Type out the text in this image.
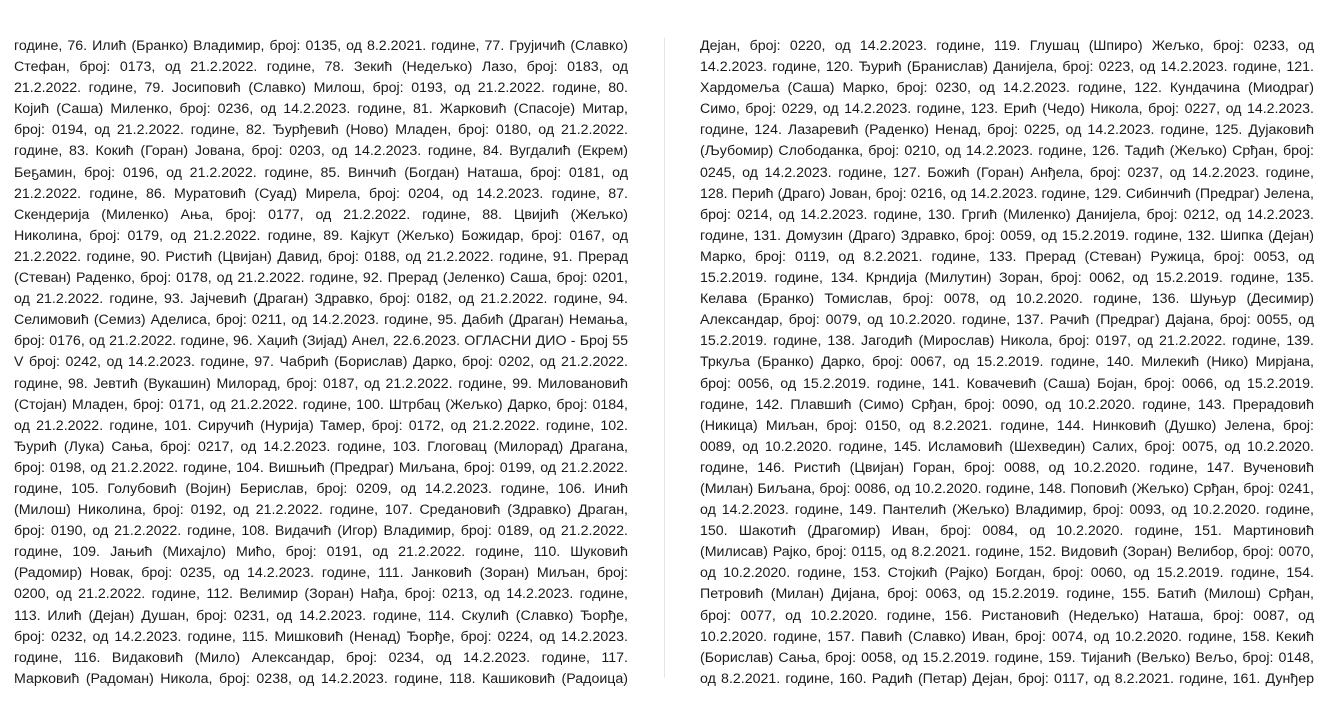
године, 76. Илић (Бранко) Владимир, број: 0135, од 8.2.2021. године, 77. Грујичић (Славко)
Стефан, број: 0173, од 21.2.2022. године, 78. Зекић (Недељко) Лазо, број: 0183, од
21.2.2022. године, 79. Јосиповић (Славко) Милош, број: 0193, од 21.2.2022. године, 80.
Којић (Саша) Миленко, број: 0236, од 14.2.2023. године, 81. Жарковић (Спасоје) Митар,
број: 0194, од 21.2.2022. године, 82. Ђурђевић (Ново) Младен, број: 0180, од 21.2.2022.
године, 83. Кокић (Горан) Јована, број: 0203, од 14.2.2023. године, 84. Вугдалић (Екрем)
Беҕамин, број: 0196, од 21.2.2022. године, 85. Винчић (Богдан) Наташа, број: 0181, од
21.2.2022. године, 86. Муратовић (Суад) Мирела, број: 0204, од 14.2.2023. године, 87.
Скендерија (Миленко) Ања, број: 0177, од 21.2.2022. године, 88. Цвијић (Жељко)
Николина, број: 0179, од 21.2.2022. године, 89. Кајкут (Жељко) Божидар, број: 0167, од
21.2.2022. године, 90. Ристић (Цвијан) Давид, број: 0188, од 21.2.2022. године, 91. Прерад
(Стеван) Раденко, број: 0178, од 21.2.2022. године, 92. Прерад (Јеленко) Саша, број: 0201,
од 21.2.2022. године, 93. Јајчевић (Драган) Здравко, број: 0182, од 21.2.2022. године, 94.
Селимовић (Семиз) Аделиса, број: 0211, од 14.2.2023. године, 95. Дабић (Драган) Немања,
број: 0176, од 21.2.2022. године, 96. Хаџић (Зијад) Анел, 22.6.2023. ОГЛАСНИ ДИО - Број 55
V број: 0242, од 14.2.2023. године, 97. Чабрић (Борислав) Дарко, број: 0202, од 21.2.2022.
године, 98. Јевтић (Вукашин) Милорад, број: 0187, од 21.2.2022. године, 99. Миловановић
(Стојан) Младен, број: 0171, од 21.2.2022. године, 100. Штрбац (Жељко) Дарко, број: 0184,
од 21.2.2022. године, 101. Сиручић (Нурија) Тамер, број: 0172, од 21.2.2022. године, 102.
Ђурић (Лука) Сања, број: 0217, од 14.2.2023. године, 103. Глоговац (Милорад) Драгана,
број: 0198, од 21.2.2022. године, 104. Вишњић (Предраг) Миљана, број: 0199, од 21.2.2022.
године, 105. Голубовић (Војин) Берислав, број: 0209, од 14.2.2023. године, 106. Инић
(Милош) Николина, број: 0192, од 21.2.2022. године, 107. Средановић (Здравко) Драган,
број: 0190, од 21.2.2022. године, 108. Видачић (Игор) Владимир, број: 0189, од 21.2.2022.
године, 109. Јањић (Михајло) Мићо, број: 0191, од 21.2.2022. године, 110. Шуковић
(Радомир) Новак, број: 0235, од 14.2.2023. године, 111. Јанковић (Зоран) Миљан, број:
0200, од 21.2.2022. године, 112. Велимир (Зоран) Нађа, број: 0213, од 14.2.2023. године,
113. Илић (Дејан) Душан, број: 0231, од 14.2.2023. године, 114. Скулић (Славко) Ђорђе,
број: 0232, од 14.2.2023. године, 115. Мишковић (Ненад) Ђорђе, број: 0224, од 14.2.2023.
године, 116. Видаковић (Мило) Александар, број: 0234, од 14.2.2023. године, 117.
Марковић (Радоман) Никола, број: 0238, од 14.2.2023. године, 118. Кашиковић (Радоица)
Дејан, број: 0220, од 14.2.2023. године, 119. Глушац (Шпиро) Жељко, број: 0233, од
14.2.2023. године, 120. Ђурић (Бранислав) Данијела, број: 0223, од 14.2.2023. године, 121.
Хардомеља (Саша) Марко, број: 0230, од 14.2.2023. године, 122. Кундачина (Миодраг)
Симо, број: 0229, од 14.2.2023. године, 123. Ерић (Чедо) Никола, број: 0227, од 14.2.2023.
године, 124. Лазаревић (Раденко) Ненад, број: 0225, од 14.2.2023. године, 125. Дујаковић
(Љубомир) Слободанка, број: 0210, од 14.2.2023. године, 126. Тадић (Жељко) Срђан, број:
0245, од 14.2.2023. године, 127. Божић (Горан) Анђела, број: 0237, од 14.2.2023. године,
128. Перић (Драго) Јован, број: 0216, од 14.2.2023. године, 129. Сибинчић (Предраг) Јелена,
број: 0214, од 14.2.2023. године, 130. Гргић (Миленко) Данијела, број: 0212, од 14.2.2023.
године, 131. Домузин (Драго) Здравко, број: 0059, од 15.2.2019. године, 132. Шипка (Дејан)
Марко, број: 0119, од 8.2.2021. године, 133. Прерад (Стеван) Ружица, број: 0053, од
15.2.2019. године, 134. Крндија (Милутин) Зоран, број: 0062, од 15.2.2019. године, 135.
Келава (Бранко) Томислав, број: 0078, од 10.2.2020. године, 136. Шуњур (Десимир)
Александар, број: 0079, од 10.2.2020. године, 137. Рачић (Предраг) Дајана, број: 0055, од
15.2.2019. године, 138. Јагодић (Мирослав) Никола, број: 0197, од 21.2.2022. године, 139.
Тркуља (Бранко) Дарко, број: 0067, од 15.2.2019. године, 140. Милекић (Нико) Мирјана,
број: 0056, од 15.2.2019. године, 141. Ковачевић (Саша) Бојан, број: 0066, од 15.2.2019.
године, 142. Плавшић (Симо) Срђан, број: 0090, од 10.2.2020. године, 143. Прерадовић
(Никица) Миљан, број: 0150, од 8.2.2021. године, 144. Нинковић (Душко) Јелена, број:
0089, од 10.2.2020. године, 145. Исламовић (Шехведин) Салих, број: 0075, од 10.2.2020.
године, 146. Ристић (Цвијан) Горан, број: 0088, од 10.2.2020. године, 147. Вученовић
(Милан) Биљана, број: 0086, од 10.2.2020. године, 148. Поповић (Жељко) Срђан, број: 0241,
од 14.2.2023. године, 149. Пантелић (Жељко) Владимир, број: 0093, од 10.2.2020. године,
150. Шакотић (Драгомир) Иван, број: 0084, од 10.2.2020. године, 151. Мартиновић
(Милисав) Рајко, број: 0115, од 8.2.2021. године, 152. Видовић (Зоран) Велибор, број: 0070,
од 10.2.2020. године, 153. Стојкић (Рајко) Богдан, број: 0060, од 15.2.2019. године, 154.
Петровић (Милан) Дијана, број: 0063, од 15.2.2019. године, 155. Батић (Милош) Срђан,
број: 0077, од 10.2.2020. године, 156. Ристановић (Недељко) Наташа, број: 0087, од
10.2.2020. године, 157. Павић (Славко) Иван, број: 0074, од 10.2.2020. године, 158. Кекић
(Борислав) Сања, број: 0058, од 15.2.2019. године, 159. Тијанић (Вељко) Вељо, број: 0148,
од 8.2.2021. године, 160. Радић (Петар) Дејан, број: 0117, од 8.2.2021. године, 161. Дунђер
